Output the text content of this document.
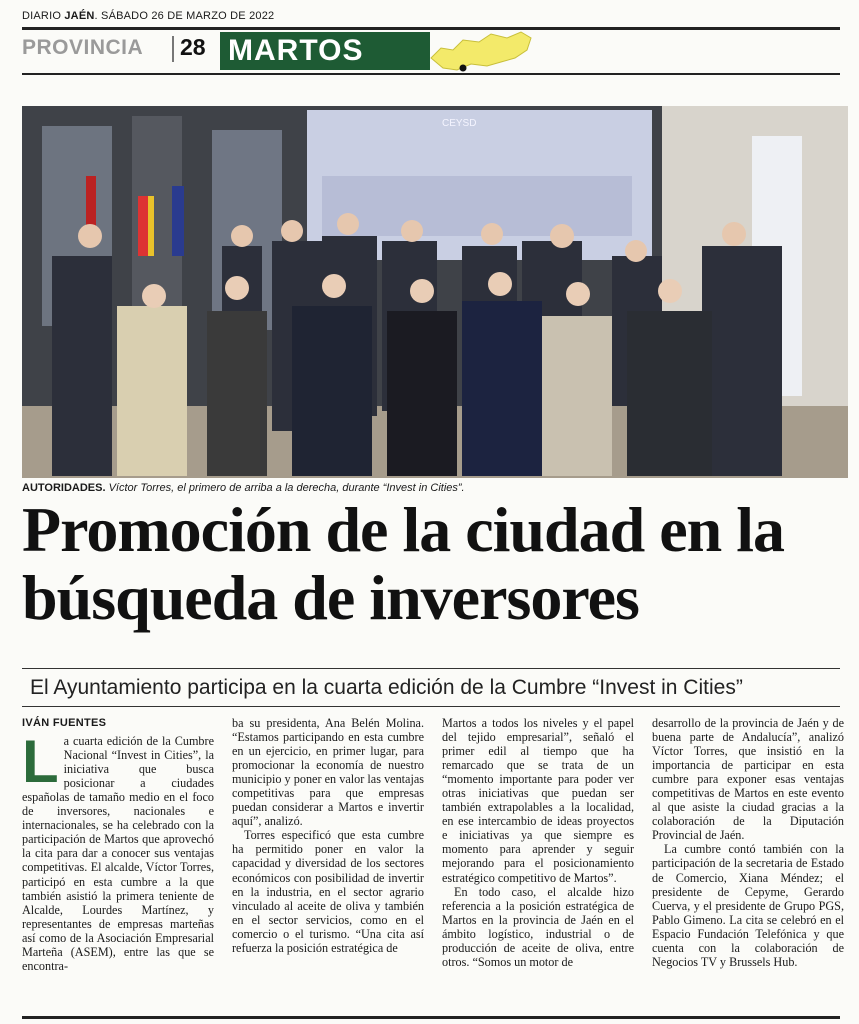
DIARIO JAÉN. SÁBADO 26 DE MARZO DE 2022
PROVINCIA 28 MARTOS
CEYSD
AUTORIDADES. Víctor Torres, el primero de arriba a la derecha, durante “Invest in Cities”.
Promoción de la ciudad en la búsqueda de inversores
El Ayuntamiento participa en la cuarta edición de la Cumbre “Invest in Cities”
IVÁN FUENTES

La cuarta edición de la Cumbre Nacional “Invest in Cities”, la iniciativa que busca posicionar a ciudades españolas de tamaño medio en el foco de inversores, nacionales e internacionales, se ha celebrado con la participación de Martos que aprovechó la cita para dar a conocer sus ventajas competitivas. El alcalde, Víctor Torres, participó en esta cumbre a la que también asistió la primera teniente de Alcalde, Lourdes Martínez, y representantes de empresas marteñas así como de la Asociación Empresarial Marteña (ASEM), entre las que se encontra-

ba su presidenta, Ana Belén Molina. “Estamos participando en esta cumbre en un ejercicio, en primer lugar, para promocionar la economía de nuestro municipio y poner en valor las ventajas competitivas para que empresas puedan considerar a Martos e invertir aquí”, analizó.

Torres especificó que esta cumbre ha permitido poner en valor la capacidad y diversidad de los sectores económicos con posibilidad de invertir en la industria, en el sector agrario vinculado al aceite de oliva y también en el sector servicios, como en el comercio o el turismo. “Una cita así refuerza la posición estratégica de

Martos a todos los niveles y el papel del tejido empresarial”, señaló el primer edil al tiempo que ha remarcado que se trata de un “momento importante para poder ver otras iniciativas que puedan ser también extrapolables a la localidad, en ese intercambio de ideas proyectos e iniciativas ya que siempre es momento para aprender y seguir mejorando para el posicionamiento estratégico competitivo de Martos”.

En todo caso, el alcalde hizo referencia a la posición estratégica de Martos en la provincia de Jaén en el ámbito logístico, industrial o de producción de aceite de oliva, entre otros. “Somos un motor de

desarrollo de la provincia de Jaén y de buena parte de Andalucía”, analizó Víctor Torres, que insistió en la importancia de participar en esta cumbre para exponer esas ventajas competitivas de Martos en este evento al que asiste la ciudad gracias a la colaboración de la Diputación Provincial de Jaén.

La cumbre contó también con la participación de la secretaria de Estado de Comercio, Xiana Méndez; el presidente de Cepyme, Gerardo Cuerva, y el presidente de Grupo PGS, Pablo Gimeno. La cita se celebró en el Espacio Fundación Telefónica y que cuenta con la colaboración de Negocios TV y Brussels Hub.
